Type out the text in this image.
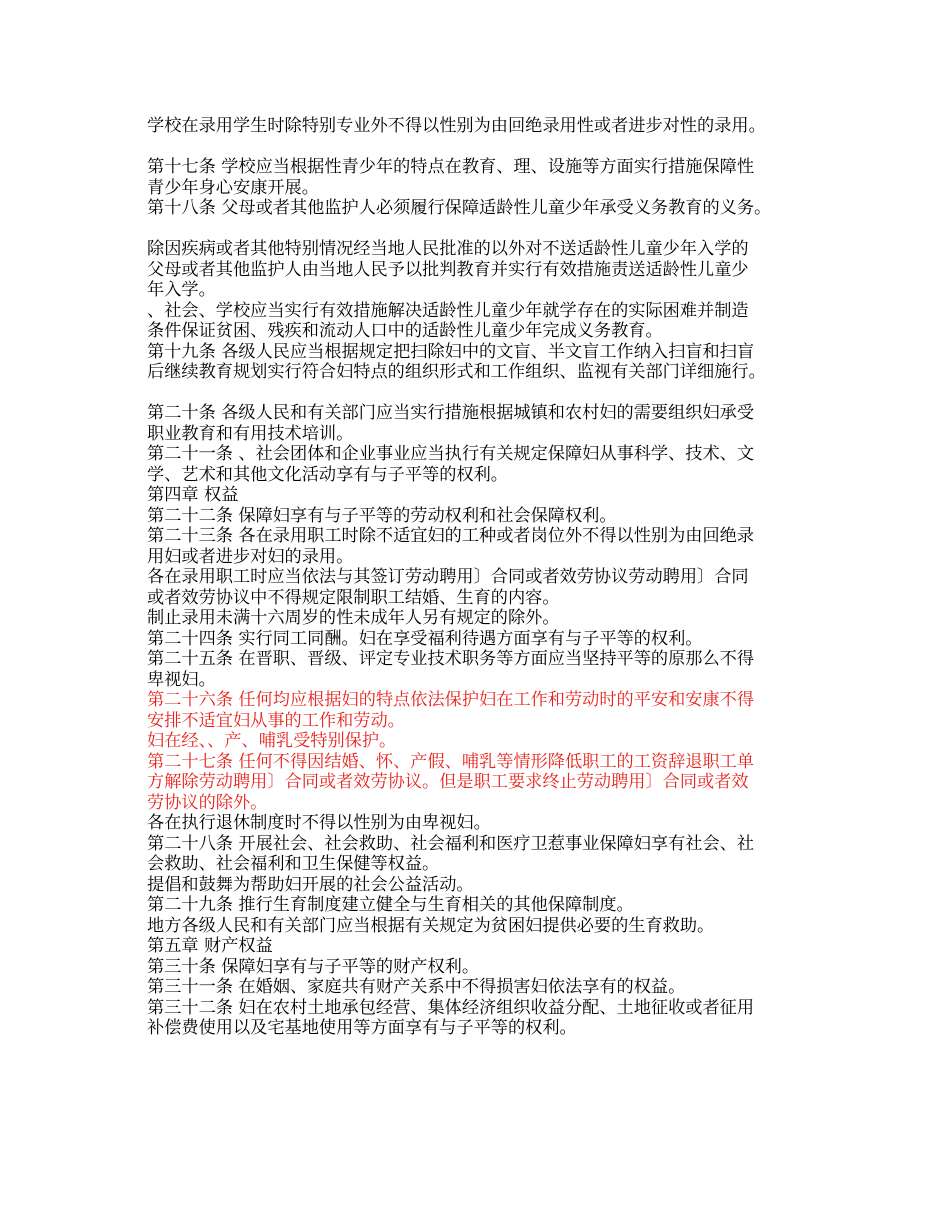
学校在录用学生时除特别专业外不得以性别为由回绝录用性或者进步对性的录用。
第十七条 学校应当根据性青少年的特点在教育、理、设施等方面实行措施保障性
青少年身心安康开展。
第十八条 父母或者其他监护人必须履行保障适龄性儿童少年承受义务教育的义务。
除因疾病或者其他特别情况经当地人民批准的以外对不送适龄性儿童少年入学的
父母或者其他监护人由当地人民予以批判教育并实行有效措施责送适龄性儿童少
年入学。
、社会、学校应当实行有效措施解决适龄性儿童少年就学存在的实际困难并制造
条件保证贫困、残疾和流动人口中的适龄性儿童少年完成义务教育。
第十九条 各级人民应当根据规定把扫除妇中的文盲、半文盲工作纳入扫盲和扫盲
后继续教育规划实行符合妇特点的组织形式和工作组织、监视有关部门详细施行。
第二十条 各级人民和有关部门应当实行措施根据城镇和农村妇的需要组织妇承受
职业教育和有用技术培训。
第二十一条 、社会团体和企业事业应当执行有关规定保障妇从事科学、技术、文
学、艺术和其他文化活动享有与子平等的权利。
第四章 权益
第二十二条 保障妇享有与子平等的劳动权利和社会保障权利。
第二十三条 各在录用职工时除不适宜妇的工种或者岗位外不得以性别为由回绝录
用妇或者进步对妇的录用。
各在录用职工时应当依法与其签订劳动聘用〕合同或者效劳协议劳动聘用〕合同
或者效劳协议中不得规定限制职工结婚、生育的内容。
制止录用未满十六周岁的性未成年人另有规定的除外。
第二十四条 实行同工同酬。妇在享受福利待遇方面享有与子平等的权利。
第二十五条 在晋职、晋级、评定专业技术职务等方面应当坚持平等的原那么不得
卑视妇。
第二十六条 任何均应根据妇的特点依法保护妇在工作和劳动时的平安和安康不得
安排不适宜妇从事的工作和劳动。
妇在经、、产、哺乳受特别保护。
第二十七条 任何不得因结婚、怀、产假、哺乳等情形降低职工的工资辞退职工单
方解除劳动聘用〕合同或者效劳协议。但是职工要求终止劳动聘用〕合同或者效
劳协议的除外。
各在执行退休制度时不得以性别为由卑视妇。
第二十八条 开展社会、社会救助、社会福利和医疗卫惹事业保障妇享有社会、社
会救助、社会福利和卫生保健等权益。
提倡和鼓舞为帮助妇开展的社会公益活动。
第二十九条 推行生育制度建立健全与生育相关的其他保障制度。
地方各级人民和有关部门应当根据有关规定为贫困妇提供必要的生育救助。
第五章 财产权益
第三十条 保障妇享有与子平等的财产权利。
第三十一条 在婚姻、家庭共有财产关系中不得损害妇依法享有的权益。
第三十二条 妇在农村土地承包经营、集体经济组织收益分配、土地征收或者征用
补偿费使用以及宅基地使用等方面享有与子平等的权利。
